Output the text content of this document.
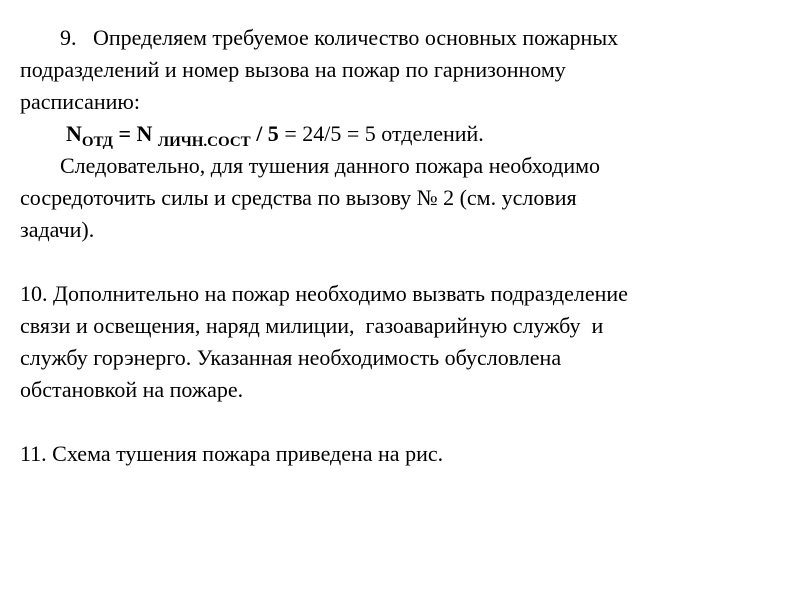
9. Определяем требуемое количество основных пожарных
подразделений и номер вызова на пожар по гарнизонному
расписанию:
$N_{ОТД} = N$ $_{ЛИЧН.СОСТ}$ / 5 = 24/5 = 5 отделений.
Следовательно, для тушения данного пожара необходимо
сосредоточить силы и средства по вызову № 2 (см. условия
задачи).
10. Дополнительно на пожар необходимо вызвать подразделение
связи и освещения, наряд милиции,  газоаварийную службу  и
службу горэнерго. Указанная необходимость обусловлена
обстановкой на пожаре.
11. Схема тушения пожара приведена на рис.
